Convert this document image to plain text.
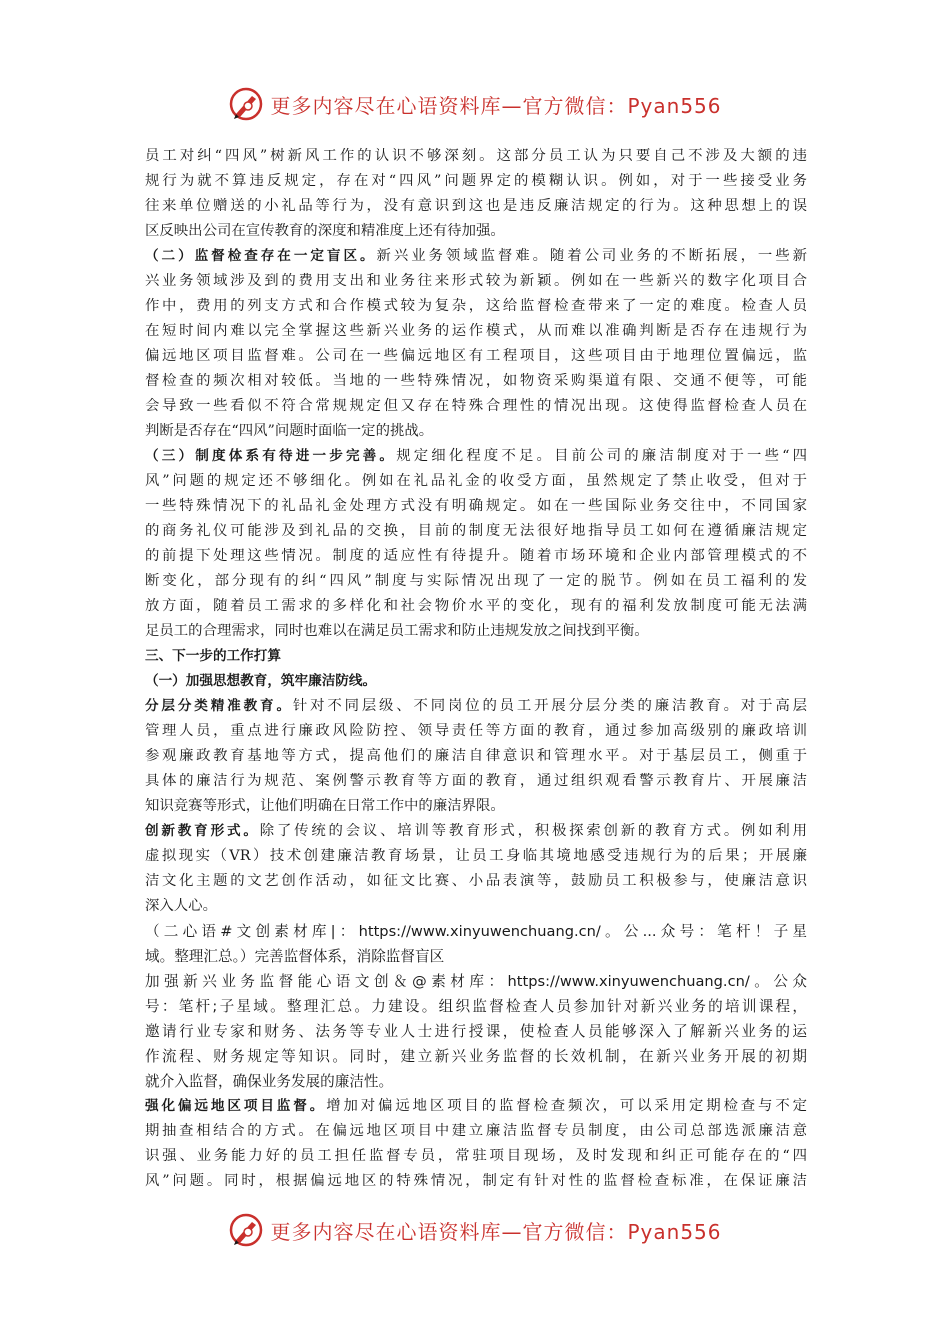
更多内容尽在心语资料库—官方微信：Pyan556
员工对纠“四风”树新风工作的认识不够深刻。这部分员工认为只要自己不涉及大额的违
规行为就不算违反规定，存在对“四风”问题界定的模糊认识。例如，对于一些接受业务
往来单位赠送的小礼品等行为，没有意识到这也是违反廉洁规定的行为。这种思想上的误
区反映出公司在宣传教育的深度和精准度上还有待加强。
（二）监督检查存在一定盲区。新兴业务领域监督难。随着公司业务的不断拓展，一些新
兴业务领域涉及到的费用支出和业务往来形式较为新颖。例如在一些新兴的数字化项目合
作中，费用的列支方式和合作模式较为复杂，这给监督检查带来了一定的难度。检查人员
在短时间内难以完全掌握这些新兴业务的运作模式，从而难以准确判断是否存在违规行为
偏远地区项目监督难。公司在一些偏远地区有工程项目，这些项目由于地理位置偏远，监
督检查的频次相对较低。当地的一些特殊情况，如物资采购渠道有限、交通不便等，可能
会导致一些看似不符合常规规定但又存在特殊合理性的情况出现。这使得监督检查人员在
判断是否存在“四风”问题时面临一定的挑战。
（三）制度体系有待进一步完善。规定细化程度不足。目前公司的廉洁制度对于一些“四
风”问题的规定还不够细化。例如在礼品礼金的收受方面，虽然规定了禁止收受，但对于
一些特殊情况下的礼品礼金处理方式没有明确规定。如在一些国际业务交往中，不同国家
的商务礼仪可能涉及到礼品的交换，目前的制度无法很好地指导员工如何在遵循廉洁规定
的前提下处理这些情况。制度的适应性有待提升。随着市场环境和企业内部管理模式的不
断变化，部分现有的纠“四风”制度与实际情况出现了一定的脱节。例如在员工福利的发
放方面，随着员工需求的多样化和社会物价水平的变化，现有的福利发放制度可能无法满
足员工的合理需求，同时也难以在满足员工需求和防止违规发放之间找到平衡。
三、下一步的工作打算
（一）加强思想教育，筑牢廉洁防线。
分层分类精准教育。针对不同层级、不同岗位的员工开展分层分类的廉洁教育。对于高层
管理人员，重点进行廉政风险防控、领导责任等方面的教育，通过参加高级别的廉政培训
参观廉政教育基地等方式，提高他们的廉洁自律意识和管理水平。对于基层员工，侧重于
具体的廉洁行为规范、案例警示教育等方面的教育，通过组织观看警示教育片、开展廉洁
知识竞赛等形式，让他们明确在日常工作中的廉洁界限。
创新教育形式。除了传统的会议、培训等教育形式，积极探索创新的教育方式。例如利用
虚拟现实（VR）技术创建廉洁教育场景，让员工身临其境地感受违规行为的后果；开展廉
洁文化主题的文艺创作活动，如征文比赛、小品表演等，鼓励员工积极参与，使廉洁意识
深入人心。
（二心语#文创素材库|：https://www.xinyuwenchuang.cn/。公...众号：笔杆！子星
域。整理汇总。）完善监督体系，消除监督盲区
加强新兴业务监督能心语文创＆@素材库：https://www.xinyuwenchuang.cn/。公众
号：笔杆;子星域。整理汇总。力建设。组织监督检查人员参加针对新兴业务的培训课程，
邀请行业专家和财务、法务等专业人士进行授课，使检查人员能够深入了解新兴业务的运
作流程、财务规定等知识。同时，建立新兴业务监督的长效机制，在新兴业务开展的初期
就介入监督，确保业务发展的廉洁性。
强化偏远地区项目监督。增加对偏远地区项目的监督检查频次，可以采用定期检查与不定
期抽查相结合的方式。在偏远地区项目中建立廉洁监督专员制度，由公司总部选派廉洁意
识强、业务能力好的员工担任监督专员，常驻项目现场，及时发现和纠正可能存在的“四
风”问题。同时，根据偏远地区的特殊情况，制定有针对性的监督检查标准，在保证廉洁
更多内容尽在心语资料库—官方微信：Pyan556
